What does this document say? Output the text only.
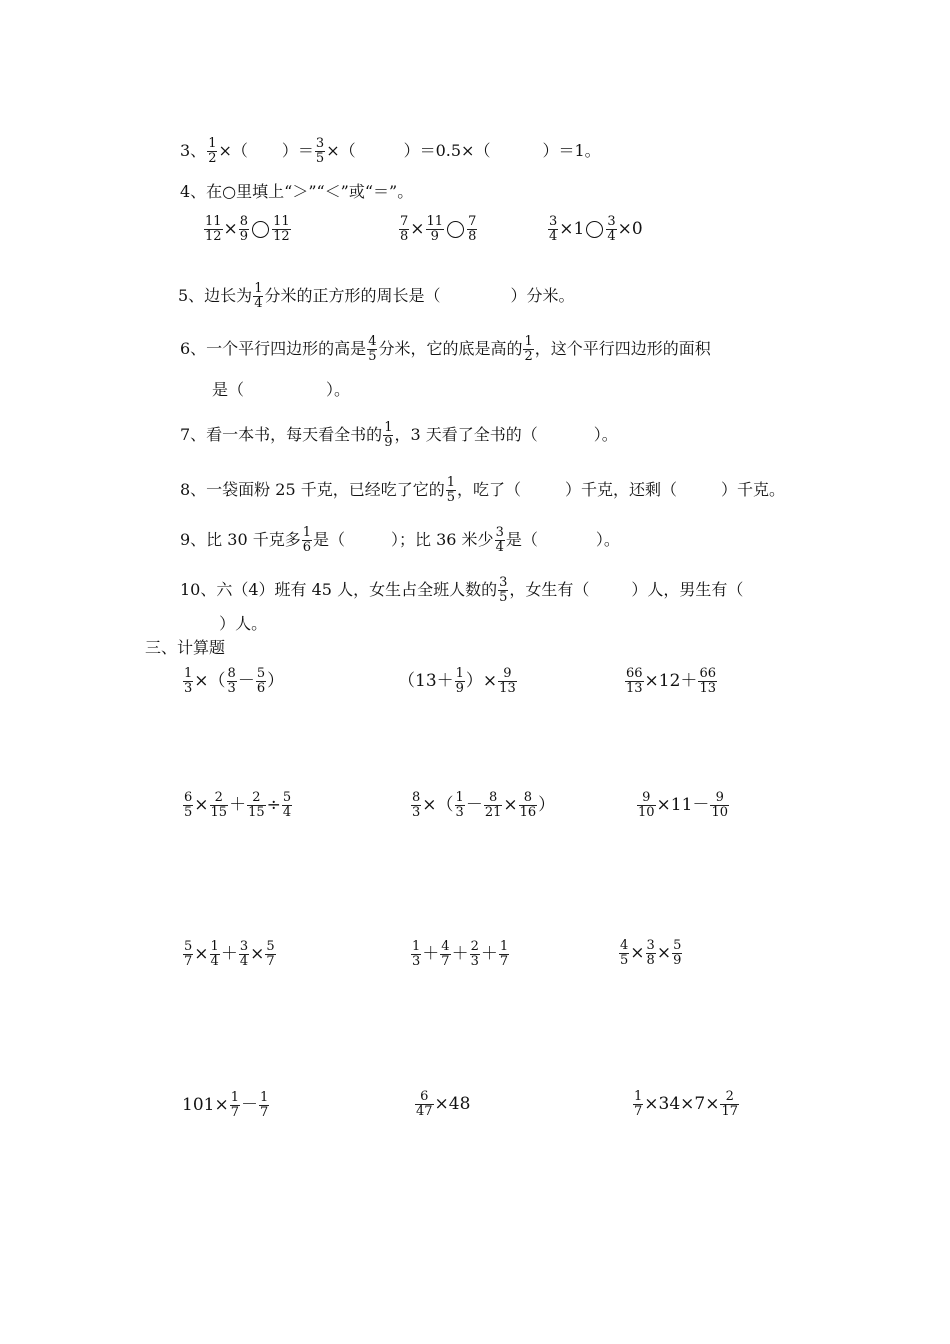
3、 $\frac{1}{2}$ ×（ ）＝ $\frac{3}{5}$ ×（	）＝0.5×（	）＝1。
4、在○里填上“＞”“＜”或“＝”。
$\frac{11}{12} \times \frac{8}{9} \frac{11}{12}$	$\frac{7}{8} \times \frac{11}{9} \frac{7}{8}$	$\frac{3}{4} \times 1 \frac{3}{4} \times 0$
5、边长为 $\frac{1}{4}$ 分米的正方形的周长是（	）分米。
6、一个平行四边形的高是 $\frac{4}{5}$ 分米，它的底是高的 $\frac{1}{2}$ ，这个平行四边形的面积
是（	）。
7、看一本书，每天看全书的 $\frac{1}{9}$ ，3 天看了全书的（	）。
8、一袋面粉 25 千克，已经吃了它的 $\frac{1}{5}$ ，吃了（	）千克，还剩（	）千克。
9、比 30 千克多 $\frac{1}{6}$ 是（	）；比 36 米少 $\frac{3}{4}$ 是（	）。
10、六（4）班有 45 人，女生占全班人数的 $\frac{3}{5}$ ，女生有（	）人，男生有（
）人。
三、计算题
$\frac{1}{3}$ ×（ $\frac{8}{3} - \frac{5}{6}$ ）	（$13+ \frac{1}{9}$ ）× $\frac{9}{13}$	$\frac{66}{13} \times 12+ \frac{66}{13}$
$\frac{6}{5} \times \frac{2}{15} + \frac{2}{15} \div \frac{5}{4}$	$\frac{8}{3}$ ×（ $\frac{1}{3} - \frac{8}{21} \times \frac{8}{16}$ ）	$\frac{9}{10} \times 11- \frac{9}{10}$
$\frac{5}{7} \times \frac{1}{4} + \frac{3}{4} \times \frac{5}{7}$	$\frac{1}{3} + \frac{4}{7} + \frac{2}{3} + \frac{1}{7}$	$\frac{4}{5} \times \frac{3}{8} \times \frac{5}{9}$
$101\times \frac{1}{7} - \frac{1}{7}$	$\frac{6}{47} \times 48$	$\frac{1}{7} \times 34\times 7\times \frac{2}{17}$
